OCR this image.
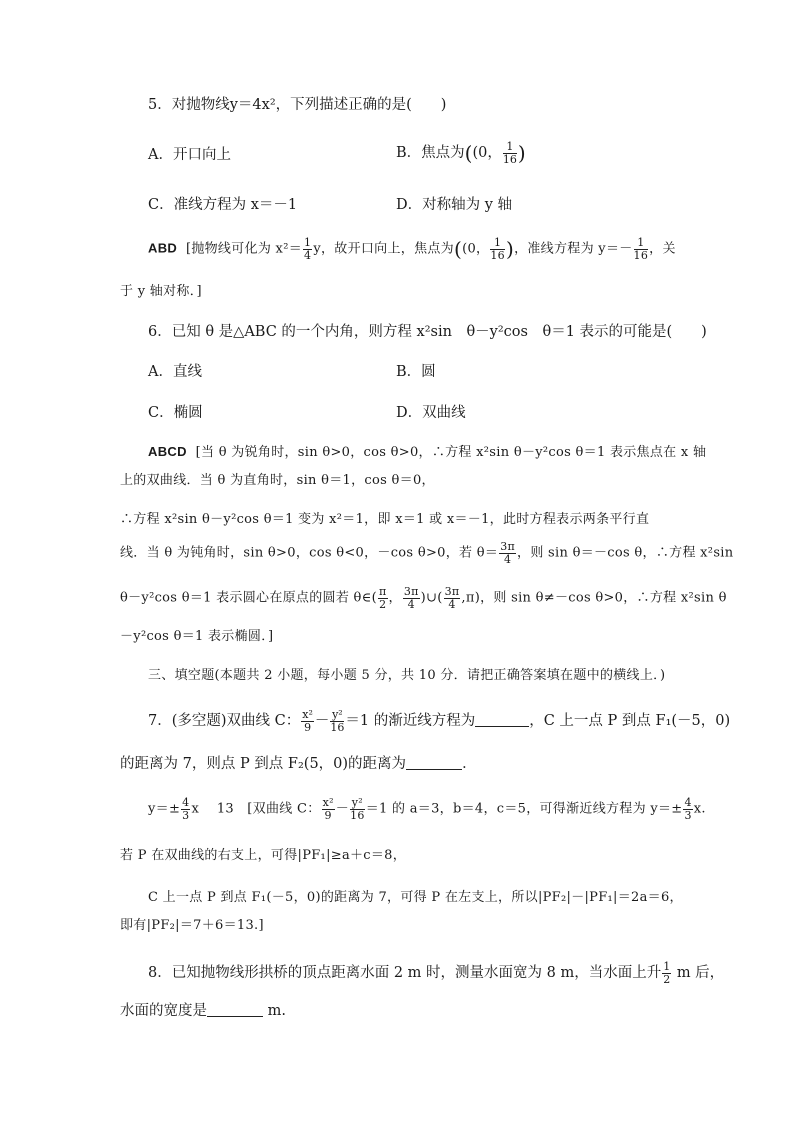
5．对抛物线y＝4x²，下列描述正确的是(　　)
A．开口向上	B．焦点为((0， $\frac{1}{16}$ )
C．准线方程为 x＝－1	D．对称轴为 y 轴
ABD [抛物线可化为 $x^2= \frac{1}{4}$ y，故开口向上，焦点为((0， $\frac{1}{16}$ )，准线方程为 $y=- \frac{1}{16}$ ，关
于 y 轴对称．]
6．已知 θ 是△ABC 的一个内角，则方程 x²sin　θ－y²cos　θ＝1 表示的可能是(　　)
A．直线	B．圆
C．椭圆	D．双曲线
ABCD [当 θ 为锐角时，sin θ>0，cos θ>0，∴方程 x²sin θ－y²cos θ＝1 表示焦点在 x 轴
上的双曲线．当 θ 为直角时，sin θ＝1，cos θ＝0，
∴方程 x²sin θ－y²cos θ＝1 变为 x²＝1，即 x＝1 或 x＝－1，此时方程表示两条平行直
线．当 θ 为钝角时，sin θ>0，cos θ<0，－cos θ>0，若 $\theta= \frac{3\pi}{4}$ ，则 sin θ＝－cos θ，∴方程 x²sin
θ－y²cos θ＝1 表示圆心在原点的圆若 θ∈( $\frac{\pi}{2}$ ， $\frac{3\pi}{4}$ )∪( $\frac{3\pi}{4} ,\pi$)，则 sin θ≠－cos θ>0，∴方程 x²sin θ
－y²cos θ＝1 表示椭圆．]
三、填空题(本题共 2 小题，每小题 5 分，共 10 分．请把正确答案填在题中的横线上．)
7．(多空题)双曲线 C： $\frac{\text{x²}}{9} - \frac{\text{y²}}{16} =1$ 的渐近线方程为	，C 上一点 P 到点 F₁(－5，0)
的距离为 7，则点 P 到点 F₂(5，0)的距离为	．
$y=\pm \frac{4}{3}$ x 13 [双曲线 C： $\frac{\text{x²}}{9} - \frac{\text{y²}}{16} =1$ 的 a＝3，b＝4，c＝5，可得渐近线方程为 $y=\pm \frac{4}{3} x$.
若 P 在双曲线的右支上，可得|PF₁|≥a＋c＝8，
C 上一点 P 到点 F₁(－5，0)的距离为 7，可得 P 在左支上，所以|PF₂|－|PF₁|＝2a＝6，
即有|PF₂|＝7＋6＝13.]
8．已知抛物线形拱桥的顶点距离水面 2 m 时，测量水面宽为 8 m，当水面上升 $\frac{1}{2}$ m 后，
水面的宽度是	m.
